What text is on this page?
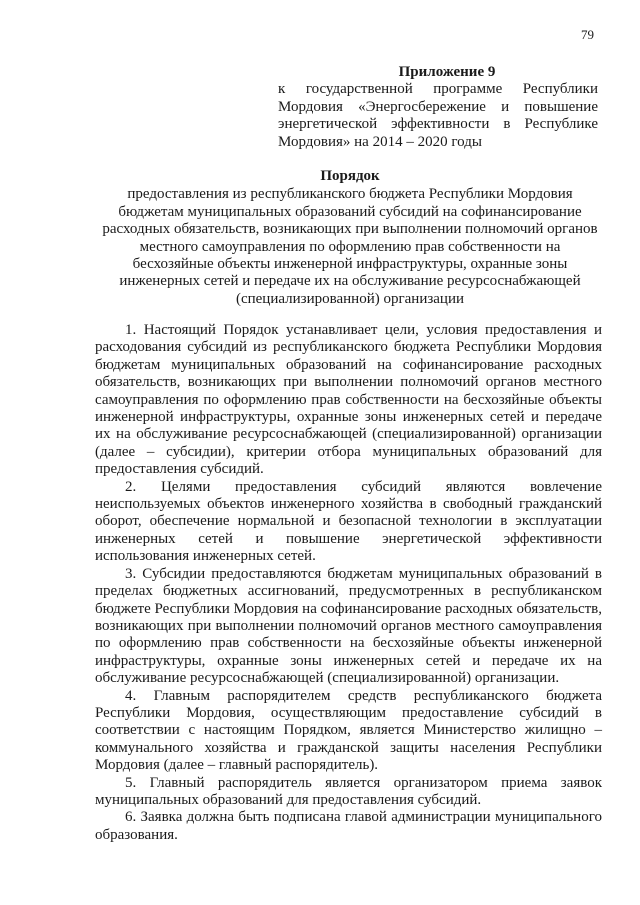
79

Приложение 9

к государственной программе Республики Мордовия «Энергосбережение и повышение энергетической эффективности в Республике Мордовия» на 2014 – 2020 годы

Порядок

предоставления из республиканского бюджета Республики Мордовия
бюджетам муниципальных образований субсидий на софинансирование
расходных обязательств, возникающих при выполнении полномочий органов
местного самоуправления по оформлению прав собственности на
бесхозяйные объекты инженерной инфраструктуры, охранные зоны
инженерных сетей и передаче их на обслуживание ресурсоснабжающей
(специализированной) организации

1. Настоящий Порядок устанавливает цели, условия предоставления и расходования субсидий из республиканского бюджета Республики Мордовия бюджетам муниципальных образований на софинансирование расходных обязательств, возникающих при выполнении полномочий органов местного самоуправления по оформлению прав собственности на бесхозяйные объекты инженерной инфраструктуры, охранные зоны инженерных сетей и передаче их на обслуживание ресурсоснабжающей (специализированной) организации (далее – субсидии), критерии отбора муниципальных образований для предоставления субсидий.

2. Целями предоставления субсидий являются вовлечение неиспользуемых объектов инженерного хозяйства в свободный гражданский оборот, обеспечение нормальной и безопасной технологии в эксплуатации инженерных сетей и повышение энергетической эффективности использования инженерных сетей.

3. Субсидии предоставляются бюджетам муниципальных образований в пределах бюджетных ассигнований, предусмотренных в республиканском бюджете Республики Мордовия на софинансирование расходных обязательств, возникающих при выполнении полномочий органов местного самоуправления по оформлению прав собственности на бесхозяйные объекты инженерной инфраструктуры, охранные зоны инженерных сетей и передаче их на обслуживание ресурсоснабжающей (специализированной) организации.

4. Главным распорядителем средств республиканского бюджета Республики Мордовия, осуществляющим предоставление субсидий в соответствии с настоящим Порядком, является Министерство жилищно – коммунального хозяйства и гражданской защиты населения Республики Мордовия (далее – главный распорядитель).

5. Главный распорядитель является организатором приема заявок муниципальных образований для предоставления субсидий.

6. Заявка должна быть подписана главой администрации муниципального образования.
